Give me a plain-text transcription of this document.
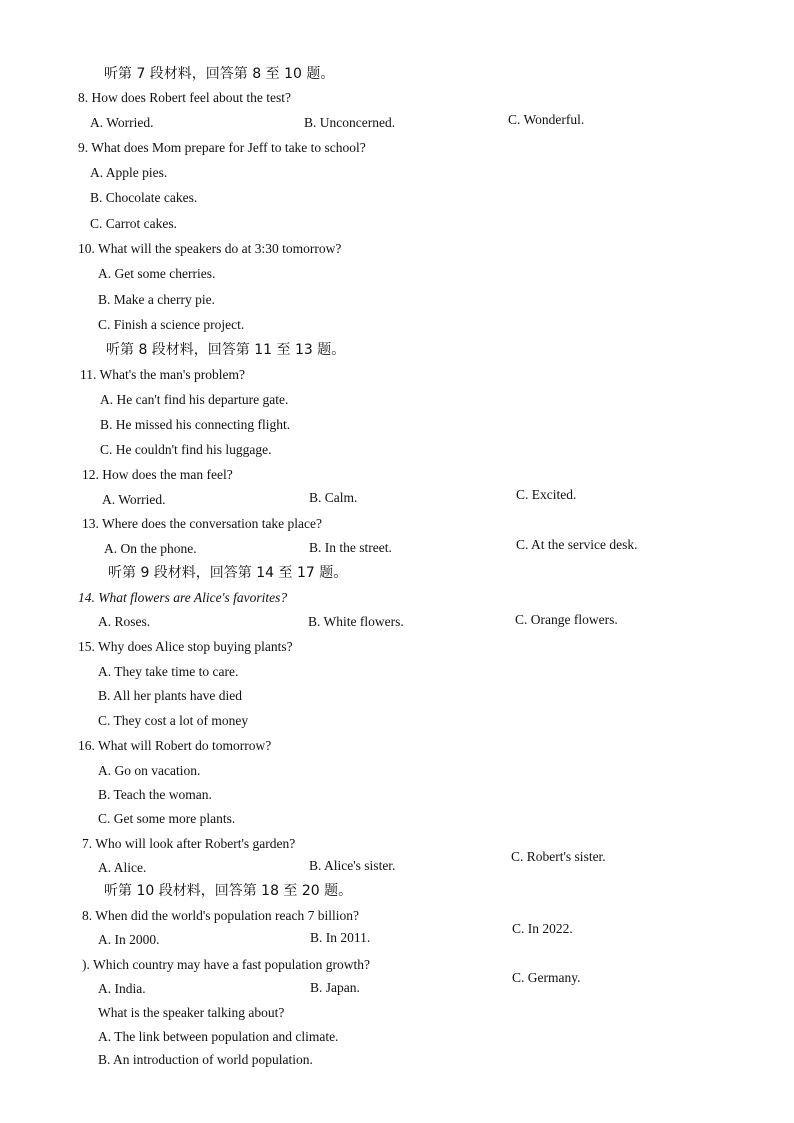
听第 7 段材料，回答第 8 至 10 题。
8. How does Robert feel about the test?
A. Worried.	B. Unconcerned.	C. Wonderful.
9. What does Mom prepare for Jeff to take to school?
A. Apple pies.
B. Chocolate cakes.
C. Carrot cakes.
10. What will the speakers do at 3:30 tomorrow?
A. Get some cherries.
B. Make a cherry pie.
C. Finish a science project.
听第 8 段材料，回答第 11 至 13 题。
11. What's the man's problem?
A. He can't find his departure gate.
B. He missed his connecting flight.
C. He couldn't find his luggage.
12. How does the man feel?
A. Worried.	B. Calm.	C. Excited.
13. Where does the conversation take place?
A. On the phone.	B. In the street.	C. At the service desk.
听第 9 段材料，回答第 14 至 17 题。
14. What flowers are Alice's favorites?
A. Roses.	B. White flowers.	C. Orange flowers.
15. Why does Alice stop buying plants?
A. They take time to care.
B. All her plants have died
C. They cost a lot of money
16. What will Robert do tomorrow?
A. Go on vacation.
B. Teach the woman.
C. Get some more plants.
7. Who will look after Robert's garden?
A. Alice.	B. Alice's sister.
C. Robert's sister.
听第 10 段材料，回答第 18 至 20 题。
8. When did the world's population reach 7 billion?
A. In 2000.	B. In 2011.
C. In 2022.
). Which country may have a fast population growth?
A. India.	B. Japan.
C. Germany.
What is the speaker talking about?
A. The link between population and climate.
B. An introduction of world population.
